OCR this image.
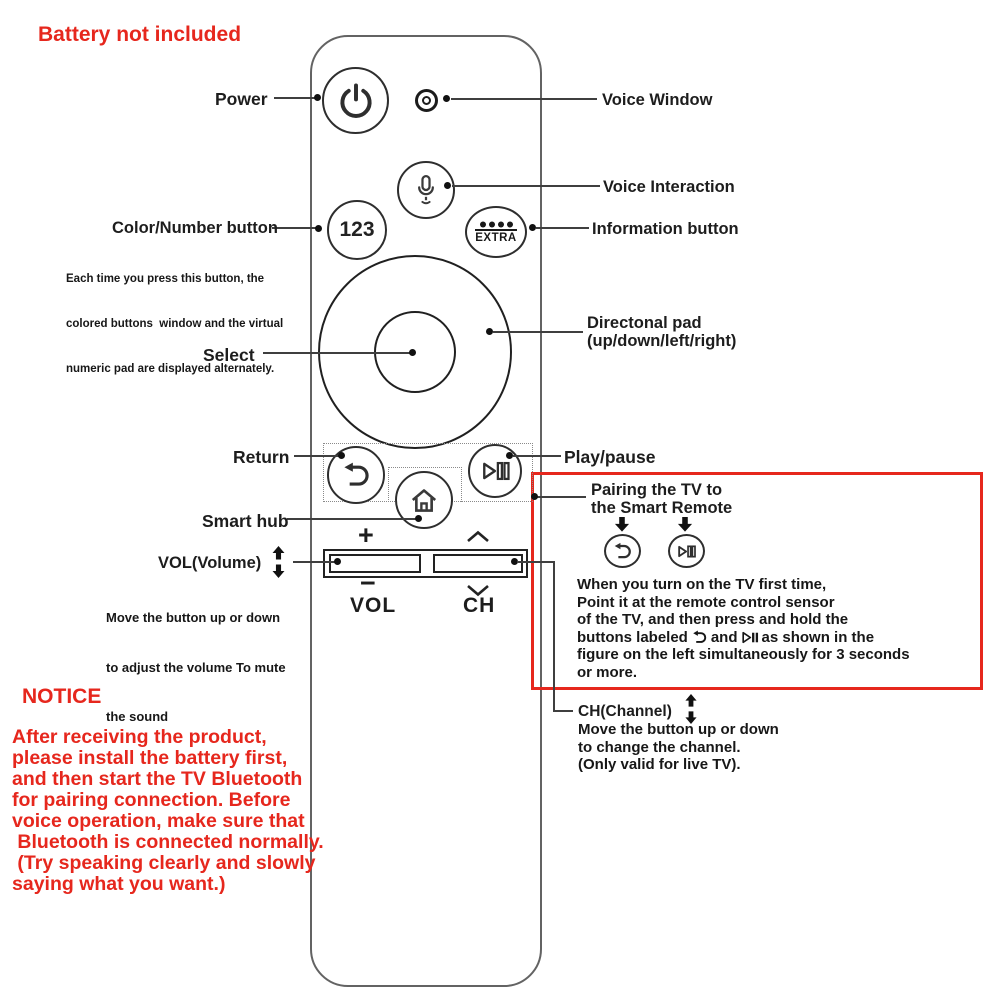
Battery not included
123	EXTRA
+
−
VOL	CH
Power	Voice Window
Voice Interaction
Color/Number button	Information button

Each time you press this button, the

colored buttons  window and the virtual

numeric pad are displayed alternately.

Directonal pad
(up/down/left/right)
Select
Return	Play/pause
Smart hub
VOL(Volume)

Move the button up or down

to adjust the volume To mute

the sound

Pairing the TV to
the Smart Remote
When you turn on the TV first time,
Point it at the remote control sensor
of the TV, and then press and hold the
buttons labeled and as shown in the
figure on the left simultaneously for 3 seconds
or more.
CH(Channel)
Move the button up or down
to change the channel.
(Only valid for live TV).
NOTICE
After receiving the product,
please install the battery first,
and then start the TV Bluetooth
for pairing connection. Before
voice operation, make sure that
Bluetooth is connected normally.
(Try speaking clearly and slowly
saying what you want.)
